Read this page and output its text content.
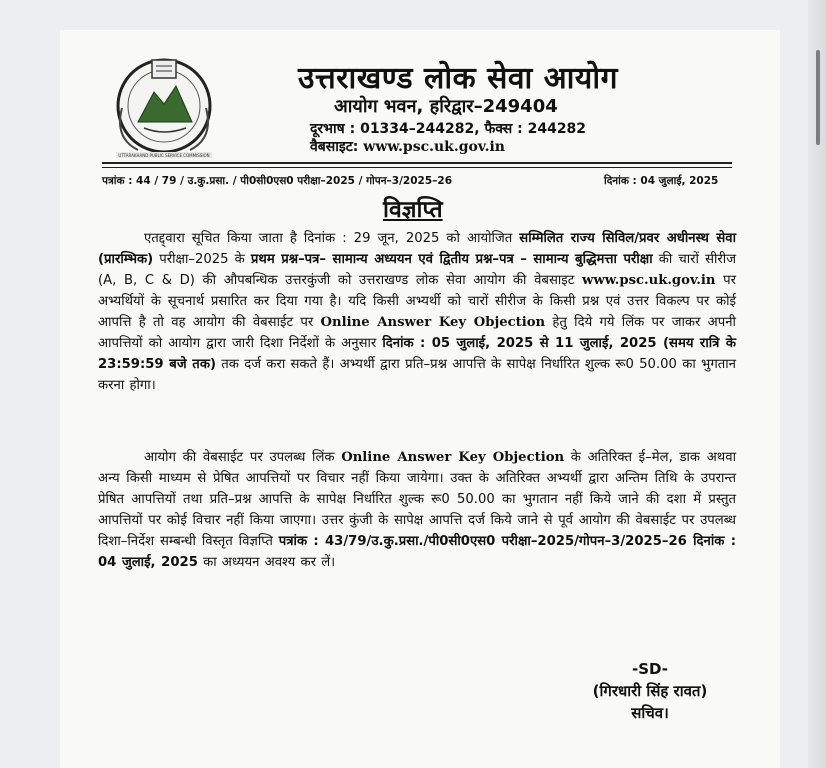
UTTARAKHAND PUBLIC SERVICE COMMISSION
उत्तराखण्ड लोक सेवा आयोग
आयोग भवन, हरिद्वार–249404
दूरभाष : 01334–244282, फैक्स : 244282
वैबसाइट: www.psc.uk.gov.in
पत्रांक : 44 / 79 / उ.कु.प्रसा. / पी0सी0एस0 परीक्षा–2025 / गोपन–3/2025–26	दिनांक : 04 जुलाई, 2025
विज्ञप्ति
एतद्द्वारा सूचित किया जाता है दिनांक : 29 जून, 2025 को आयोजित सम्मिलित राज्य सिविल/प्रवर अधीनस्थ सेवा (प्रारम्भिक) परीक्षा–2025 के प्रथम प्रश्न–पत्र– सामान्य अध्ययन एवं द्वितीय प्रश्न–पत्र – सामान्य बुद्धिमत्ता परीक्षा की चारों सीरीज (A, B, C & D) की औपबन्धिक उत्तरकुंजी को उत्तराखण्ड लोक सेवा आयोग की वेबसाइट www.psc.uk.gov.in पर अभ्यर्थियों के सूचनार्थ प्रसारित कर दिया गया है। यदि किसी अभ्यर्थी को चारों सीरीज के किसी प्रश्न एवं उत्तर विकल्प पर कोई आपत्ति है तो वह आयोग की वेबसाईट पर Online Answer Key Objection हेतु दिये गये लिंक पर जाकर अपनी आपत्तियों को आयोग द्वारा जारी दिशा निर्देशों के अनुसार दिनांक : 05 जुलाई, 2025 से 11 जुलाई, 2025 (समय रात्रि के 23:59:59 बजे तक) तक दर्ज करा सकते हैं। अभ्यर्थी द्वारा प्रति–प्रश्न आपत्ति के सापेक्ष निर्धारित शुल्क रू0 50.00 का भुगतान करना होगा।
आयोग की वेबसाईट पर उपलब्ध लिंक Online Answer Key Objection के अतिरिक्त ई–मेल, डाक अथवा अन्य किसी माध्यम से प्रेषित आपत्तियों पर विचार नहीं किया जायेगा। उक्त के अतिरिक्त अभ्यर्थी द्वारा अन्तिम तिथि के उपरान्त प्रेषित आपत्तियों तथा प्रति–प्रश्न आपत्ति के सापेक्ष निर्धारित शुल्क रू0 50.00 का भुगतान नहीं किये जाने की दशा में प्रस्तुत आपत्तियों पर कोई विचार नहीं किया जाएगा। उत्तर कुंजी के सापेक्ष आपत्ति दर्ज किये जाने से पूर्व आयोग की वेबसाईट पर उपलब्ध दिशा–निर्देश सम्बन्धी विस्तृत विज्ञप्ति पत्रांक : 43/79/उ.कु.प्रसा./पी0सी0एस0 परीक्षा–2025/गोपन–3/2025–26 दिनांक : 04 जुलाई, 2025 का अध्ययन अवश्य कर लें।
-SD-
(गिरधारी सिंह रावत)
सचिव।
